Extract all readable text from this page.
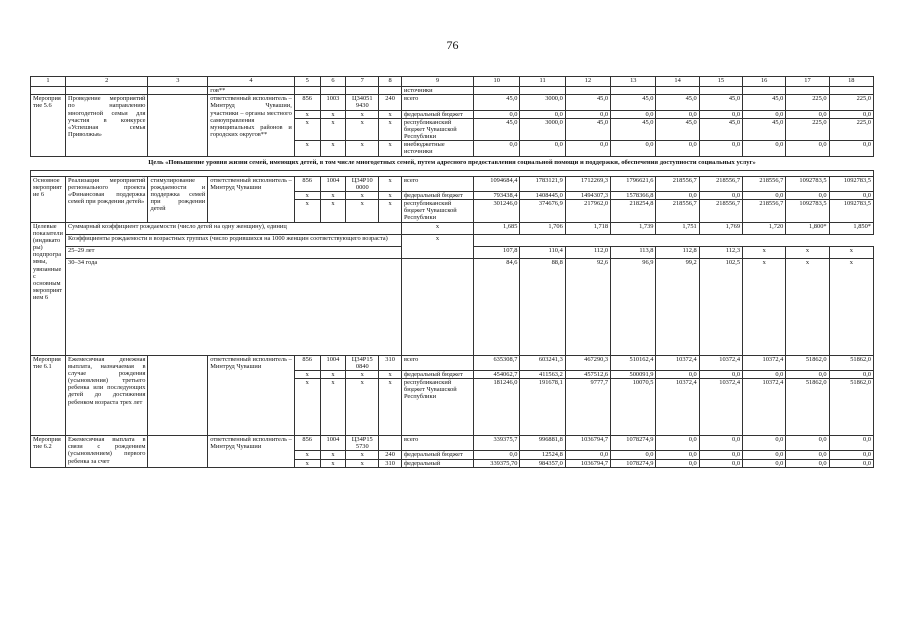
76
1	2	3	4	5	6	7	8	9	10	11	12	13	14	15	16	17	18
			гов**					источники									
Мероприятие 5.6	Проведение мероприятий по направлению многодетной семьи для участия в конкурсе «Успешная семья Приволжья»		ответственный исполнитель – Минтруд Чувашии, участники – органы местного самоуправления муниципальных районов и городских округов**	856	1003	Ц34051 9430	240	всего	45,0	3000,0	45,0	45,0	45,0	45,0	45,0	225,0	225,0
				x	x	x	x	федеральный бюджет	0,0	0,0	0,0	0,0	0,0	0,0	0,0	0,0	0,0
				x	x	x	x	республиканский бюджет Чувашской Республики	45,0	3000,0	45,0	45,0	45,0	45,0	45,0	225,0	225,0
				x	x	x	x	внебюджетные источники	0,0	0,0	0,0	0,0	0,0	0,0	0,0	0,0	0,0
Цель «Повышение уровня жизни семей, имеющих детей, в том числе многодетных семей, путем адресного предоставления социальной помощи и поддержки, обеспечения доступности социальных услуг»																	

Основное мероприятие 6	Реализация мероприятий регионального проекта «Финансовая поддержка семей при рождении детей»	стимулирование рождаемости и поддержка семей при рождении детей	ответственный исполнитель – Минтруд Чувашии	856	1004	Ц34Р10 0000	x	всего	1094684,4	1783121,9	1712269,3	1796621,6	218556,7	218556,7	218556,7	1092783,5	1092783,5
				x	x	x	x	федеральный бюджет	793438,4	1408445,0	1494307,3	1578366,8	0,0	0,0	0,0	0,0	0,0
				x	x	x	x	республиканский бюджет Чувашской Республики	301246,0	374676,9	217962,0	218254,8	218556,7	218556,7	218556,7	1092783,5	1092783,5
Целевые показатели (индикаторы) подпрограммы, увязанные с основным мероприятием 6	Суммарный коэффициент рождаемости (число детей на одну женщину), единиц							x	1,685	1,706	1,718	1,739	1,751	1,769	1,720	1,800*	1,850*
	Коэффициенты рождаемости в возрастных группах (число родившихся на 1000 женщин соответствующего возраста)							x									
	25–29 лет								107,8	110,4	112,0	113,8	112,8	112,3	x	x	x
	30–34 года								84,6	88,8	92,6	96,9	99,2	102,5	x	x	x
Мероприятие 6.1	Ежемесячная денежная выплата, назначаемая в случае рождения (усыновления) третьего ребенка или последующих детей до достижения ребенком возраста трех лет		ответственный исполнитель – Минтруд Чувашии	856	1004	Ц34Р15 0840	310	всего	635308,7	603241,3	467290,3	510162,4	10372,4	10372,4	10372,4	51862,0	51862,0
				x	x	x	x	федеральный бюджет	454062,7	411563,2	457512,6	500091,9	0,0	0,0	0,0	0,0	0,0
				x	x	x	x	республиканский бюджет Чувашской Республики	181246,0	191678,1	9777,7	10070,5	10372,4	10372,4	10372,4	51862,0	51862,0
Мероприятие 6.2	Ежемесячная выплата в связи с рождением (усыновлением) первого ребенка за счет		ответственный исполнитель – Минтруд Чувашии	856	1004	Ц34Р15 5730		всего	339375,7	996881,8	1036794,7	1078274,9	0,0	0,0	0,0	0,0	0,0
				x	x	x	240	федеральный бюджет	0,0	12524,8	0,0	0,0	0,0	0,0	0,0	0,0	0,0
				x	x	x	310	федеральный	339375,70	984357,0	1036794,7	1078274,9	0,0	0,0	0,0	0,0	0,0
